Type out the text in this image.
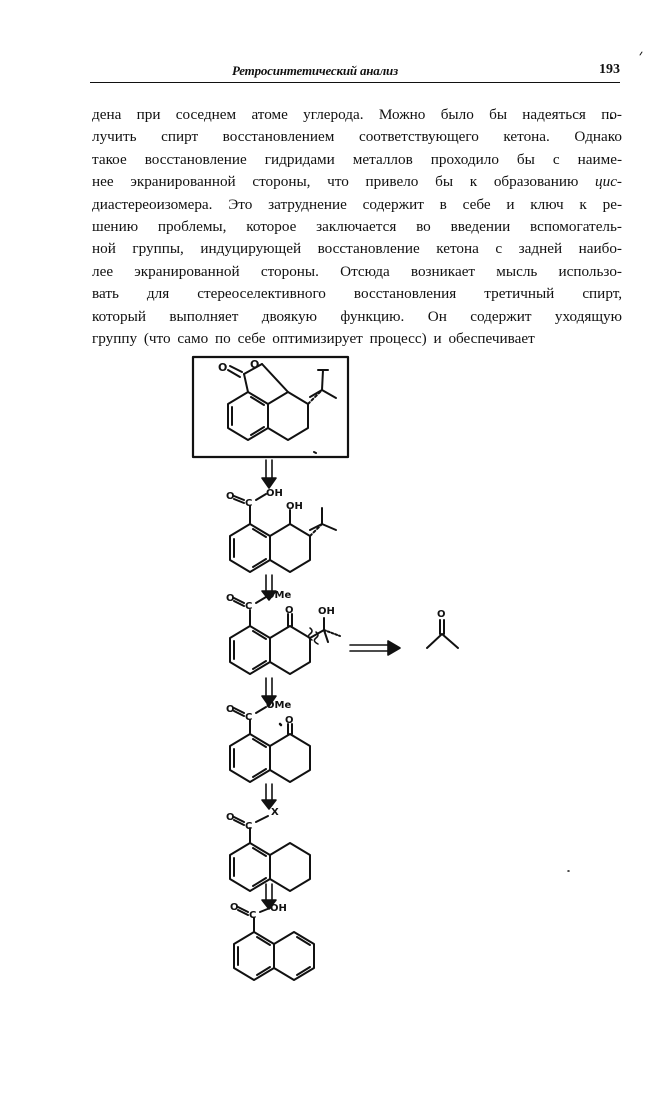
Ретросинтетический анализ	193
дена при соседнем атоме углерода. Можно было бы надеяться по-
лучить спирт восстановлением соответствующего кетона. Однако
такое восстановление гидридами металлов проходило бы с наиме-
нее экранированной стороны, что привело бы к образованию цис-
диастереоизомера. Это затруднение содержит в себе и ключ к ре-
шению проблемы, которое заключается во введении вспомогатель-
ной группы, индуцирующей восстановление кетона с задней наибо-
лее экранированной стороны. Отсюда возникает мысль использо-
вать для стереоселективного восстановления третичный спирт,
который выполняет двоякую функцию. Он содержит уходящую
группу (что само по себе оптимизирует процесс) и обеспечивает
O O
O
C
OH
OH
O
C
OMe
O OH	O
O
C
OMe
O
O
C
X
O
C
OH
